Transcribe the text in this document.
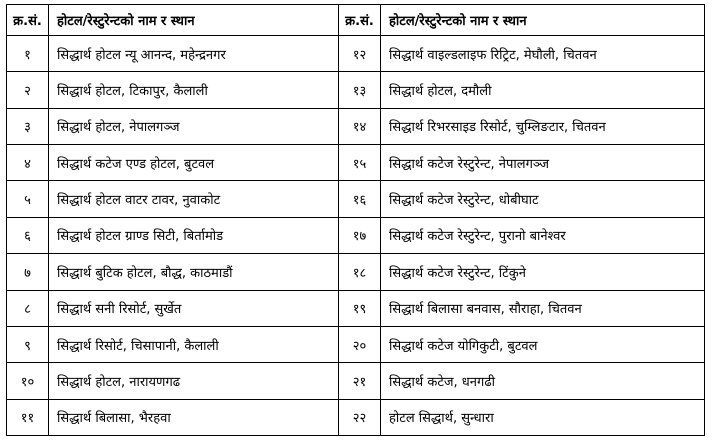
क्र.सं.	होटल/रेस्टुरेन्टको नाम र स्थान	क्र.सं.	होटल/रेस्टुरेन्टको नाम र स्थान
१	सिद्धार्थ होटल न्यू आनन्द, महेन्द्रनगर	१२	सिद्धार्थ वाइल्डलाइफ रिट्रिट, मेघौली, चितवन
२	सिद्धार्थ होटल, टिकापुर, कैलाली	१३	सिद्धार्थ होटल, दमौली
३	सिद्धार्थ होटल, नेपालगञ्ज	१४	सिद्धार्थ रिभरसाइड रिसोर्ट, चुम्लिङटार, चितवन
४	सिद्धार्थ कटेज एण्ड होटल, बुटवल	१५	सिद्धार्थ कटेज रेस्टुरेन्ट, नेपालगञ्ज
५	सिद्धार्थ होटल वाटर टावर, नुवाकोट	१६	सिद्धार्थ कटेज रेस्टुरेन्ट, धोबीघाट
६	सिद्धार्थ होटल ग्राण्ड सिटी, बिर्तामोड	१७	सिद्धार्थ कटेज रेस्टुरेन्ट, पुरानो बानेश्वर
७	सिद्धार्थ बुटिक होटल, बौद्ध, काठमाडौं	१८	सिद्धार्थ कटेज रेस्टुरेन्ट, टिंकुने
८	सिद्धार्थ सनी रिसोर्ट, सुर्खेत	१९	सिद्धार्थ बिलासा बनवास, सौराहा, चितवन
९	सिद्धार्थ रिसोर्ट, चिसापानी, कैलाली	२०	सिद्धार्थ कटेज योगिकुटी, बुटवल
१०	सिद्धार्थ होटल, नारायणगढ	२१	सिद्धार्थ कटेज, धनगढी
११	सिद्धार्थ बिलासा, भैरहवा	२२	होटल सिद्धार्थ, सुन्धारा
